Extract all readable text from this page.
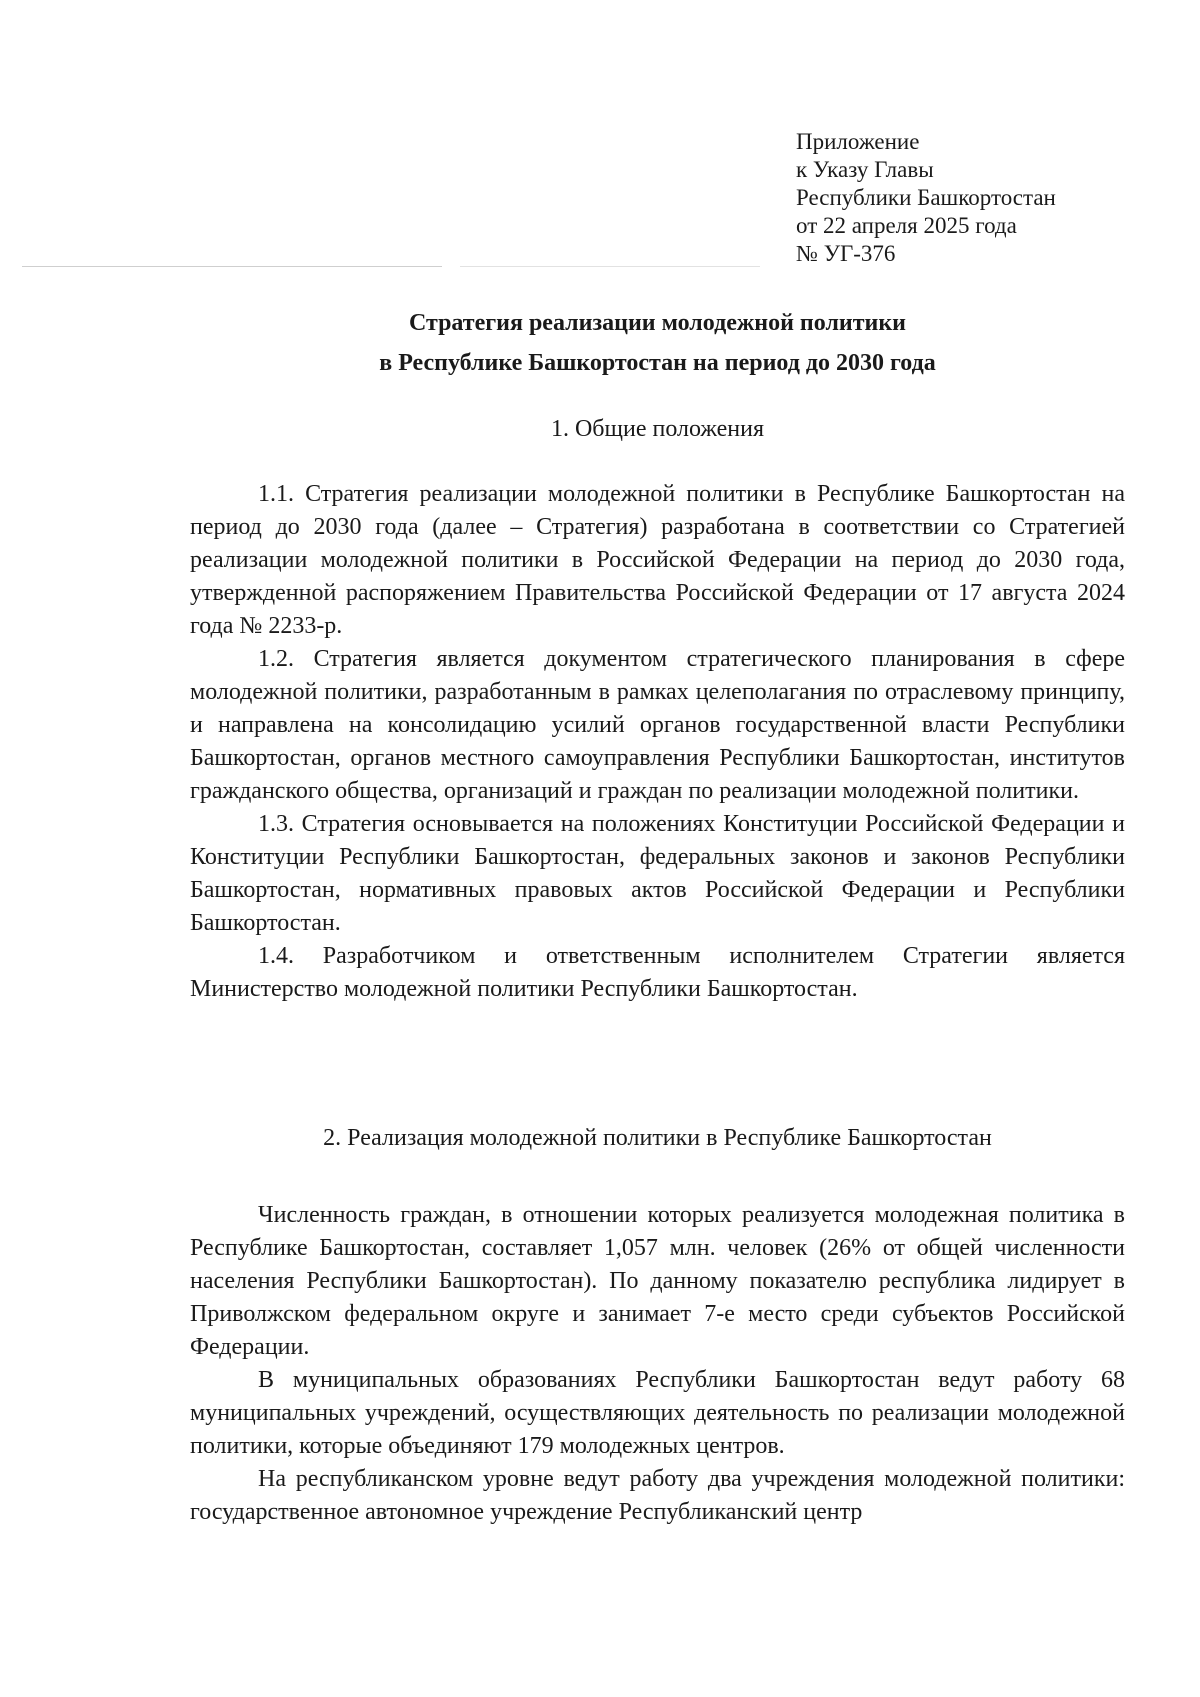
Приложение
к Указу Главы
Республики Башкортостан
от 22 апреля 2025 года
№ УГ-376
Стратегия реализации молодежной политики
в Республике Башкортостан на период до 2030 года
1. Общие положения

1.1. Стратегия реализации молодежной политики в Республике Башкортостан на период до 2030 года (далее – Стратегия) разработана в соответствии со Стратегией реализации молодежной политики в Российской Федерации на период до 2030 года, утвержденной распоряжением Правительства Российской Федерации от 17 августа 2024 года № 2233-р.

1.2. Стратегия является документом стратегического планирования в сфере молодежной политики, разработанным в рамках целеполагания по отраслевому принципу, и направлена на консолидацию усилий органов государственной власти Республики Башкортостан, органов местного самоуправления Республики Башкортостан, институтов гражданского общества, организаций и граждан по реализации молодежной политики.

1.3. Стратегия основывается на положениях Конституции Российской Федерации и Конституции Республики Башкортостан, федеральных законов и законов Республики Башкортостан, нормативных правовых актов Российской Федерации и Республики Башкортостан.

1.4. Разработчиком и ответственным исполнителем Стратегии является Министерство молодежной политики Республики Башкортостан.

2. Реализация молодежной политики в Республике Башкортостан

Численность граждан, в отношении которых реализуется молодежная политика в Республике Башкортостан, составляет 1,057 млн. человек (26% от общей численности населения Республики Башкортостан). По данному показателю республика лидирует в Приволжском федеральном округе и занимает 7-е место среди субъектов Российской Федерации.

В муниципальных образованиях Республики Башкортостан ведут работу 68 муниципальных учреждений, осуществляющих деятельность по реализации молодежной политики, которые объединяют 179 молодежных центров.

На республиканском уровне ведут работу два учреждения молодежной политики: государственное автономное учреждение Республиканский центр
